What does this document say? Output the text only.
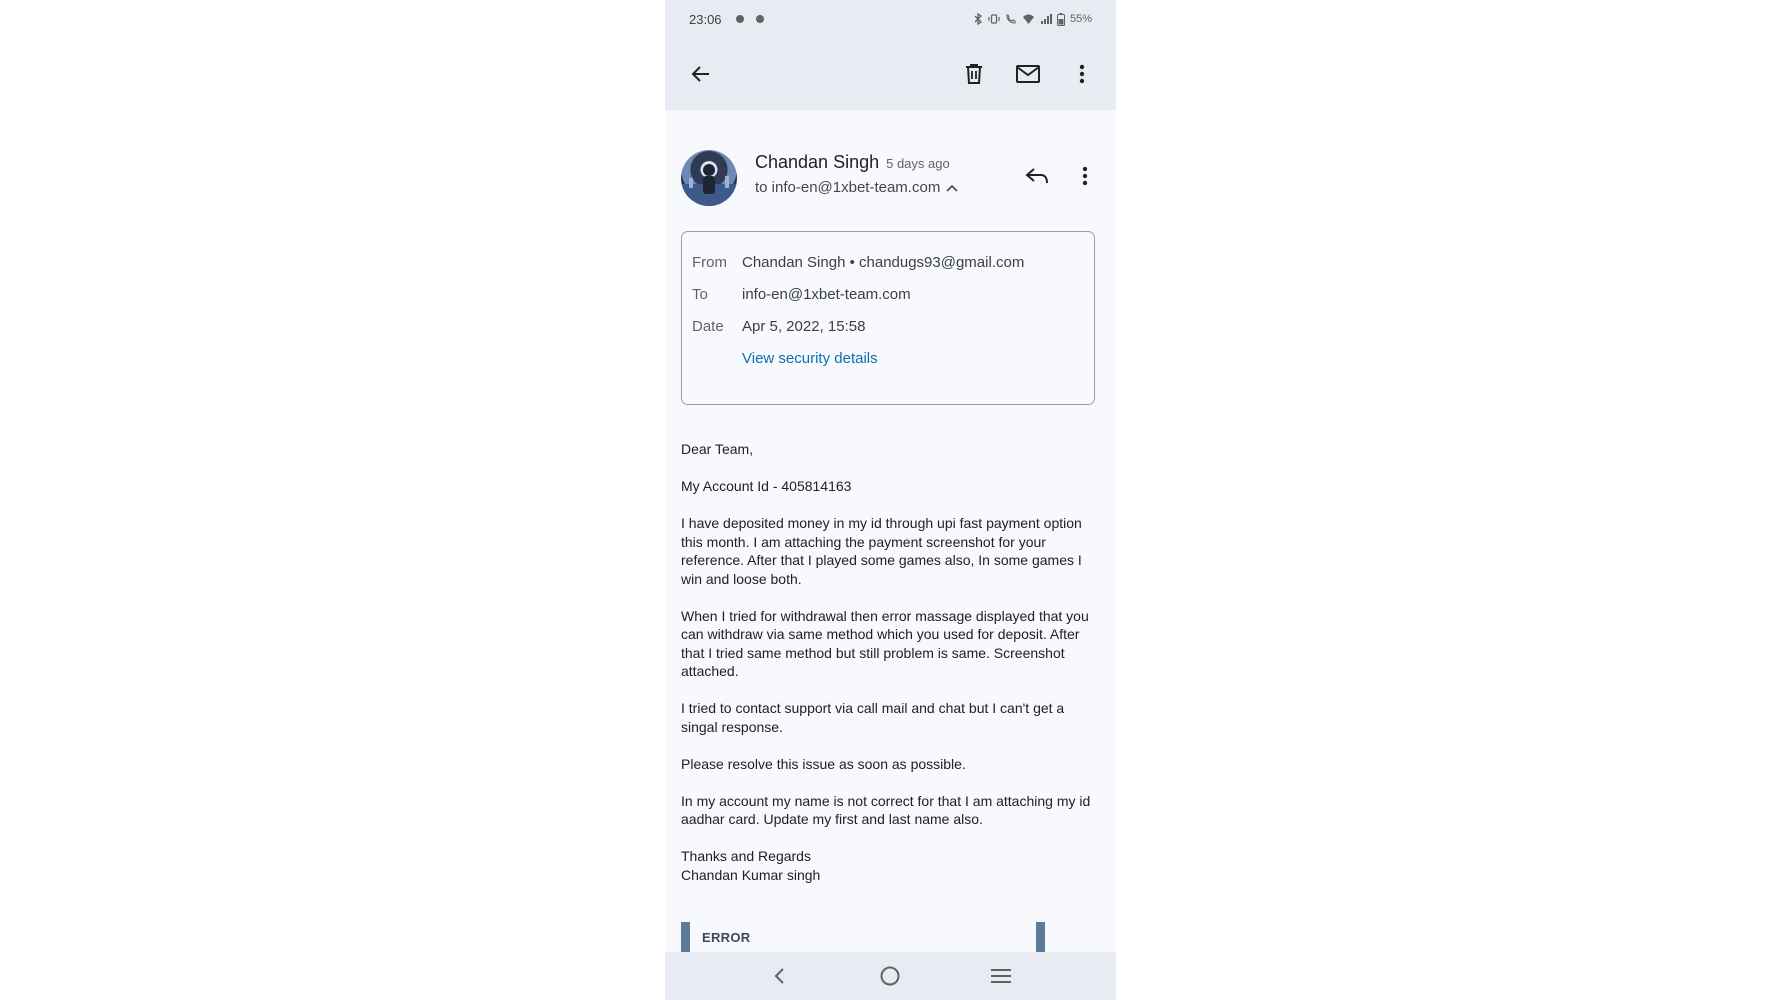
23:06	55%
Chandan Singh 5 days ago
to info-en@1xbet-team.com
From	Chandan Singh • chandugs93@gmail.com
To	info-en@1xbet-team.com
Date	Apr 5, 2022, 15:58
View security details

Dear Team,

My Account Id - 405814163

I have deposited money in my id through upi fast payment option this month. I am attaching the payment screenshot for your reference. After that I played some games also, In some games I win and loose both.

When I tried for withdrawal then error massage displayed that you can withdraw via same method which you used for deposit. After that I tried same method but still problem is same. Screenshot attached.

I tried to contact support via call mail and chat but I can't get a singal response.

Please resolve this issue as soon as possible.

In my account my name is not correct for that I am attaching my id aadhar card. Update my first and last name also.

Thanks and Regards

Chandan Kumar singh

ERROR
